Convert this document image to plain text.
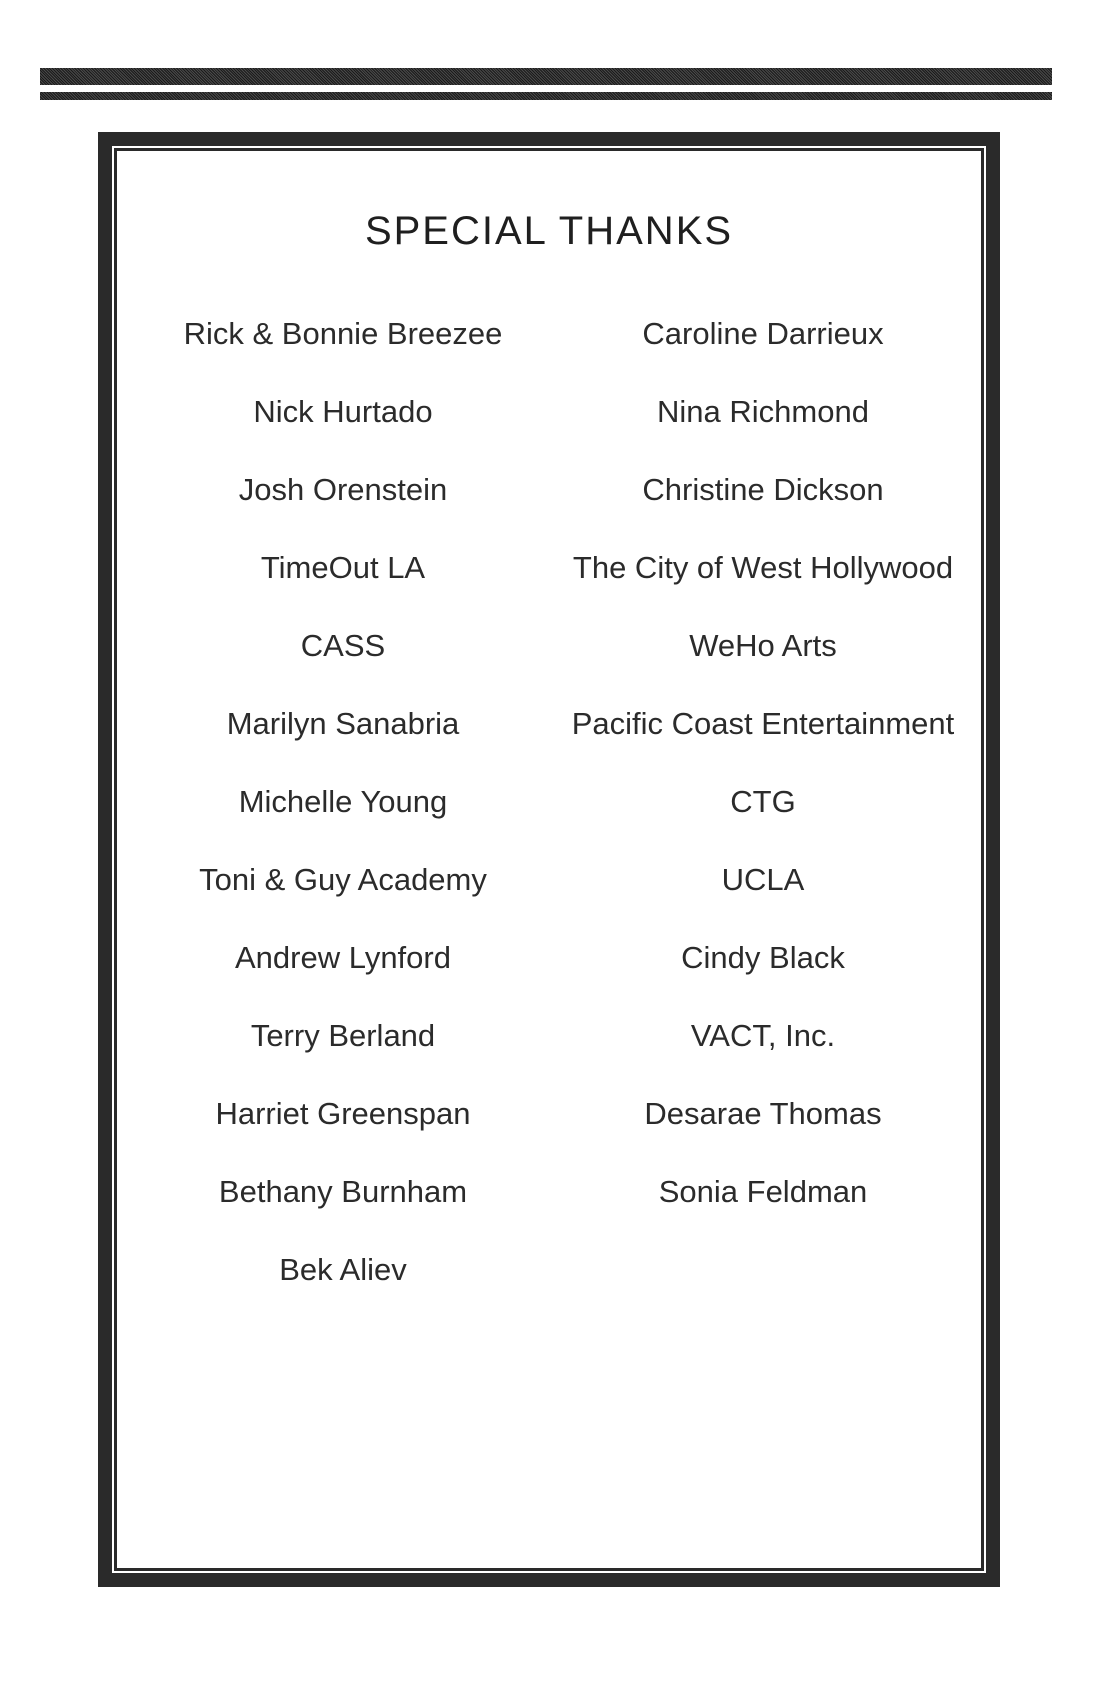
SPECIAL THANKS
Rick & Bonnie Breezee
Nick Hurtado
Josh Orenstein
TimeOut LA
CASS
Marilyn Sanabria
Michelle Young
Toni & Guy Academy
Andrew Lynford
Terry Berland
Harriet Greenspan
Bethany Burnham
Bek Aliev
Caroline Darrieux
Nina Richmond
Christine Dickson
The City of West Hollywood
WeHo Arts
Pacific Coast Entertainment
CTG
UCLA
Cindy Black
VACT, Inc.
Desarae Thomas
Sonia Feldman
